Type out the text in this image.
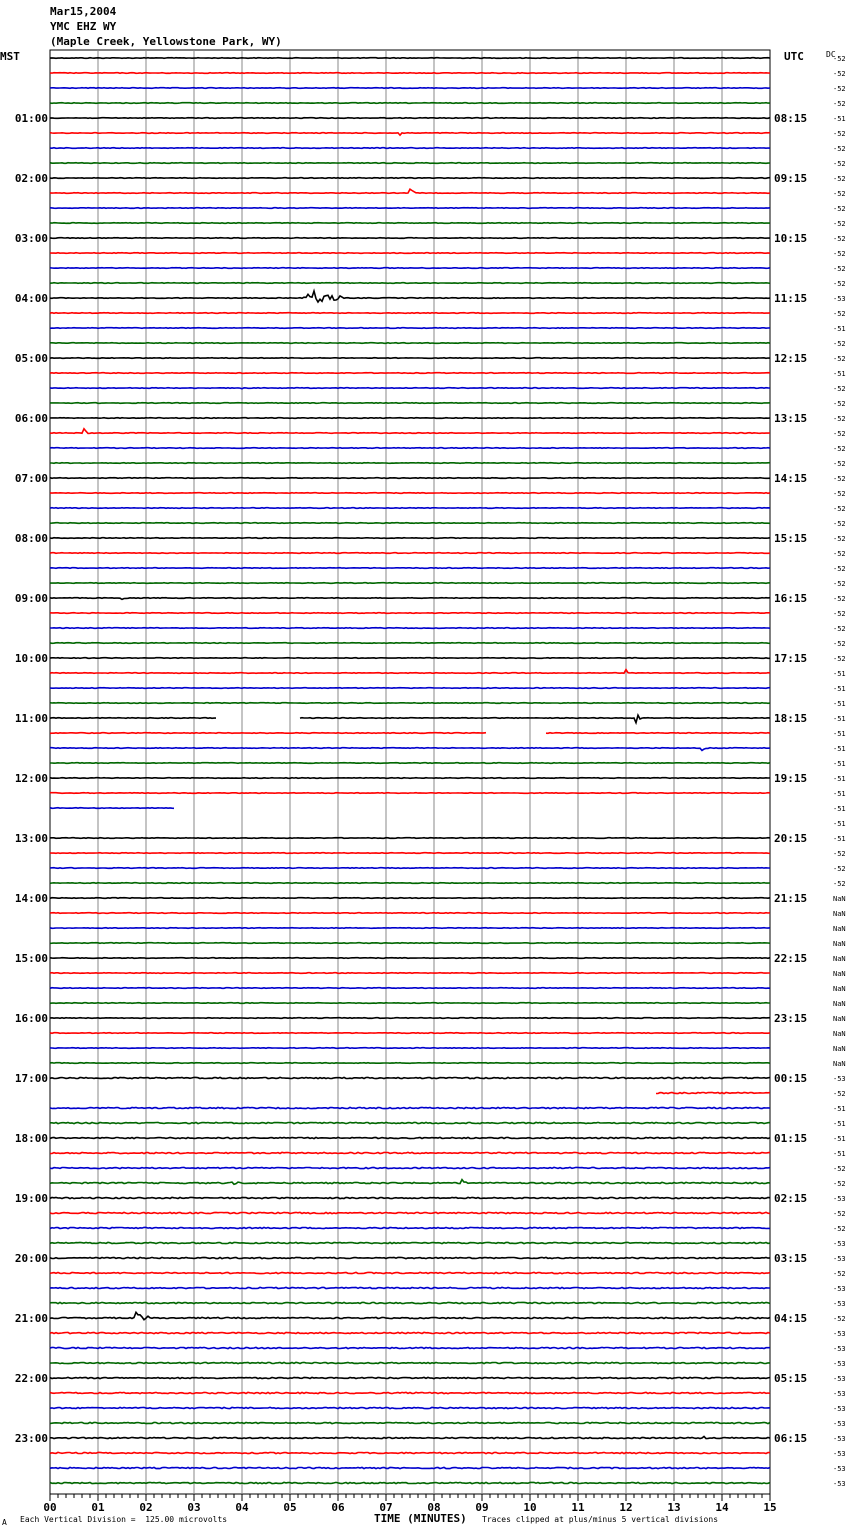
Mar15,2004
YMC EHZ WY
(Maple Creek, Yellowstone Park, WY)
MST	UTC	DC
00	01	02	03	04	05	06	07	08	09	10	11	12	13	14	15
01:00
02:00
03:00
04:00
05:00
06:00
07:00
08:00
09:00
10:00
11:00
12:00
13:00
14:00
15:00
16:00
17:00
18:00
19:00
20:00
21:00
22:00
23:00
08:15
09:15
10:15
11:15
12:15
13:15
14:15
15:15
16:15
17:15
18:15
19:15
20:15
21:15
22:15
23:15
00:15
01:15
02:15
03:15
04:15
05:15
06:15
-52
-52
-52
-52
-51
-52
-52
-52
-52
-52
-52
-52
-52
-52
-52
-52
-53
-52
-51
-52
-52
-51
-52
-52
-52
-52
-52
-52
-52
-52
-52
-52
-52
-52
-52
-52
-52
-52
-52
-52
-52
-51
-51
-51
-51
-51
-51
-51
-51
-51
-51
-51
-51
-52
-52
-52
NaN
NaN
NaN
NaN
NaN
NaN
NaN
NaN
NaN
NaN
NaN
NaN
-53
-52
-51
-51
-51
-51
-52
-52
-53
-52
-52
-53
-53
-52
-53
-53
-52
-53
-53
-53
-53
-53
-53
-53
-53
-53
-53
-53
TIME (MINUTES)
A Each Vertical Division =  125.00 microvolts	Traces clipped at plus/minus 5 vertical divisions
